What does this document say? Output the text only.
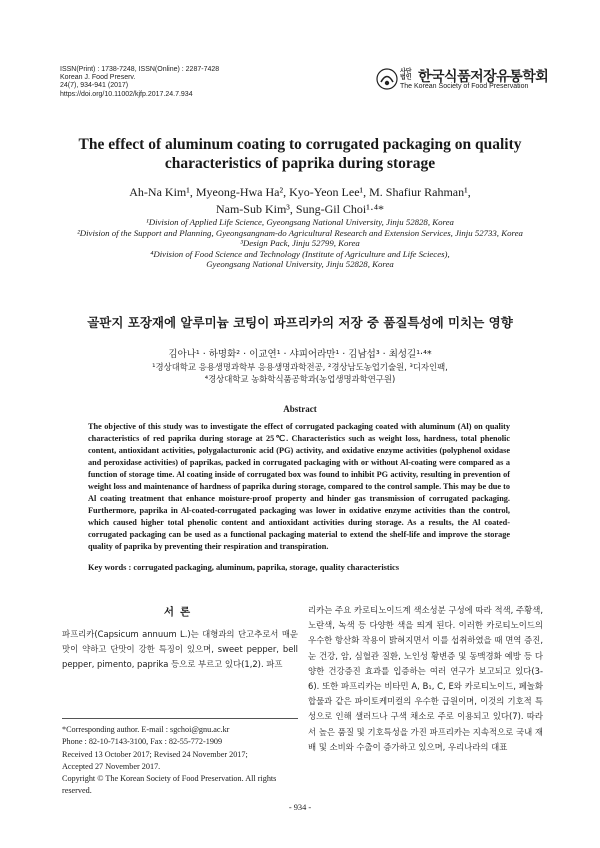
ISSN(Print) : 1738-7248, ISSN(Online) : 2287-7428
Korean J. Food Preserv.
24(7), 934-941 (2017)
https://doi.org/10.11002/kjfp.2017.24.7.934
사단
법인 한국식품저장유통학회
The Korean Society of Food Preservation
The effect of aluminum coating to corrugated packaging on quality
characteristics of paprika during storage
Ah-Na Kim¹, Myeong-Hwa Ha², Kyo-Yeon Lee¹, M. Shafiur Rahman¹,
Nam-Sub Kim³, Sung-Gil Choi¹·⁴*
¹Division of Applied Life Science, Gyeongsang National University, Jinju 52828, Korea
²Division of the Support and Planning, Gyeongsangnam-do Agricultural Research and Extension Services, Jinju 52733, Korea
³Design Pack, Jinju 52799, Korea
⁴Division of Food Science and Technology (Institute of Agriculture and Life Scieces),
Gyeongsang National University, Jinju 52828, Korea
골판지 포장재에 알루미늄 코팅이 파프리카의 저장 중 품질특성에 미치는 영향
김아나¹ · 하명화² · 이교연¹ · 샤피어라만¹ · 김남섭³ · 최성길¹·⁴*
¹경상대학교 응용생명과학부 응용생명과학전공, ²경상남도농업기술원, ³디자인팩,
⁴경상대학교 농화학식품공학과(농업생명과학연구원)
Abstract

The objective of this study was to investigate the effect of corrugated packaging coated with aluminum (Al) on quality characteristics of red paprika during storage at 25℃. Characteristics such as weight loss, hardness, total phenolic content, antioxidant activities, polygalacturonic acid (PG) activity, and oxidative enzyme activities (polyphenol oxidase and peroxidase activities) of paprikas, packed in corrugated packaging with or without Al-coating were compared as a function of storage time. Al coating inside of corrugated box was found to inhibit PG activity, resulting in prevention of weight loss and maintenance of hardness of paprika during storage, compared to the control sample. This may be due to Al coating treatment that enhance moisture-proof property and hinder gas transmission of corrugated packaging. Furthermore, paprika in Al-coated-corrugated packaging was lower in oxidative enzyme activities than the control, which caused higher total phenolic content and antioxidant activities during storage. As a results, the Al coated-corrugated packaging can be used as a functional packaging material to extend the shelf-life and improve the storage quality of paprika by preventing their respiration and transpiration.

Key words : corrugated packaging, aluminum, paprika, storage, quality characteristics
서론

파프리카(Capsicum annuum L.)는 대형과의 단고추로서 매운맛이 약하고 단맛이 강한 특징이 있으며, sweet pepper, bell pepper, pimento, paprika 등으로 부르고 있다(1,2). 파프

*Corresponding author. E-mail : sgchoi@gnu.ac.kr
Phone : 82-10-7143-3100, Fax : 82-55-772-1909
Received 13 October 2017; Revised 24 November 2017;
Accepted 27 November 2017.
Copyright © The Korean Society of Food Preservation. All rights reserved.

리카는 주요 카로티노이드계 색소성분 구성에 따라 적색, 주황색, 노란색, 녹색 등 다양한 색을 띄게 된다. 이러한 카로티노이드의 우수한 항산화 작용이 밝혀지면서 이를 섭취하였을 때 면역 증진, 눈 건강, 암, 심혈관 질환, 노인성 황변증 및 동맥경화 예방 등 다양한 건강증진 효과를 입증하는 여러 연구가 보고되고 있다(3-6). 또한 파프리카는 비타민 A, B₁, C, E와 카로티노이드, 페놀화합물과 같은 파이토케미컬의 우수한 급원이며, 이것의 기호적 특성으로 인해 샐러드나 구색 채소로 주로 이용되고 있다(7). 따라서 높은 품질 및 기호특성을 가진 파프리카는 지속적으로 국내 재배 및 소비와 수출이 증가하고 있으며, 우리나라의 대표

- 934 -
